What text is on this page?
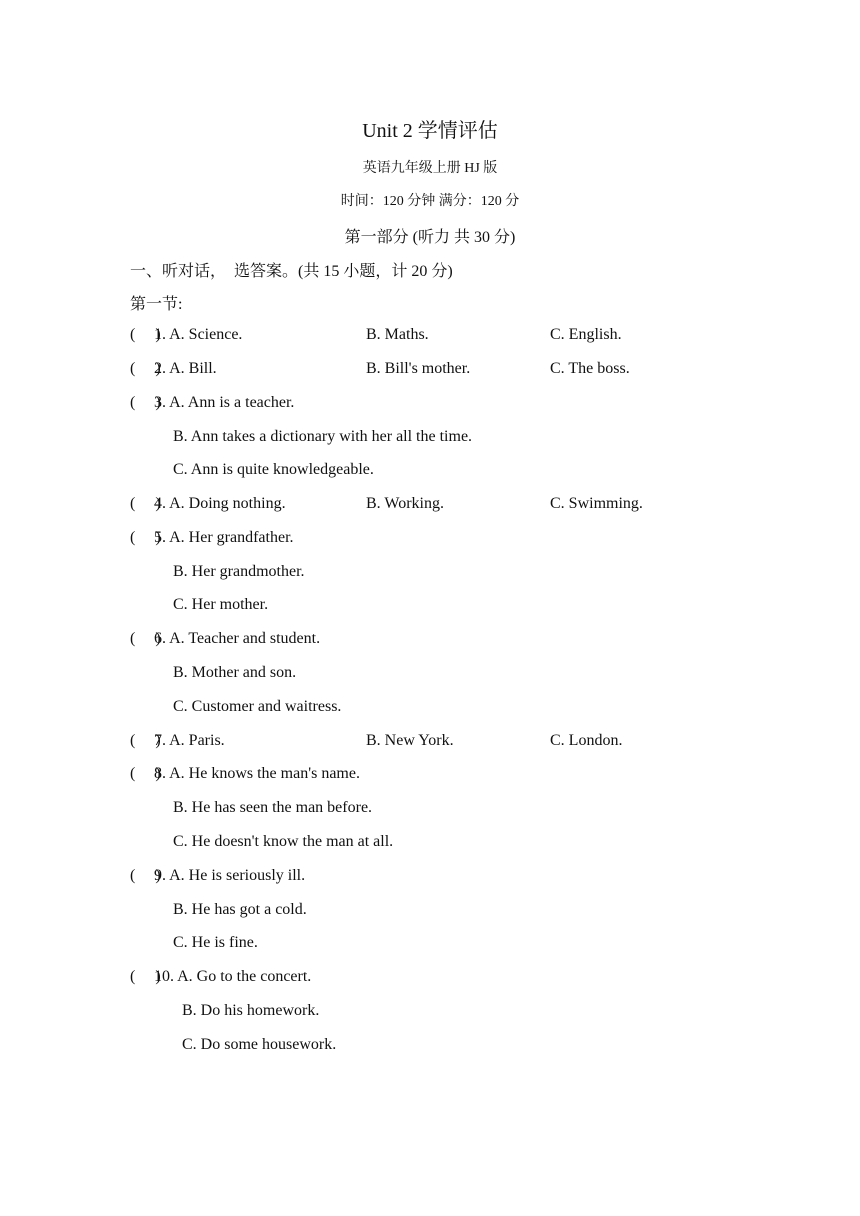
Unit 2 学情评估
英语九年级上册 HJ 版
时间：120 分钟 满分：120 分
第一部分 (听力 共 30 分)
一、听对话，  选答案。(共 15 小题，计 20 分)
第一节:
(     )
1. A. Science.	B. Maths.	C. English.
(     )
2. A. Bill.	B. Bill's mother.	C. The boss.
(     )
3. A. Ann is a teacher.
B. Ann takes a dictionary with her all the time.
C. Ann is quite knowledgeable.
(     )
4. A. Doing nothing.	B. Working.	C. Swimming.
(     )
5. A. Her grandfather.
B. Her grandmother.
C. Her mother.
(     )
6. A. Teacher and student.
B. Mother and son.
C. Customer and waitress.
(     )
7. A. Paris.	B. New York.	C. London.
(     )
8. A. He knows the man's name.
B. He has seen the man before.
C. He doesn't know the man at all.
(     )
9. A. He is seriously ill.
B. He has got a cold.
C. He is fine.
(     )
10. A. Go to the concert.
B. Do his homework.
C. Do some housework.
